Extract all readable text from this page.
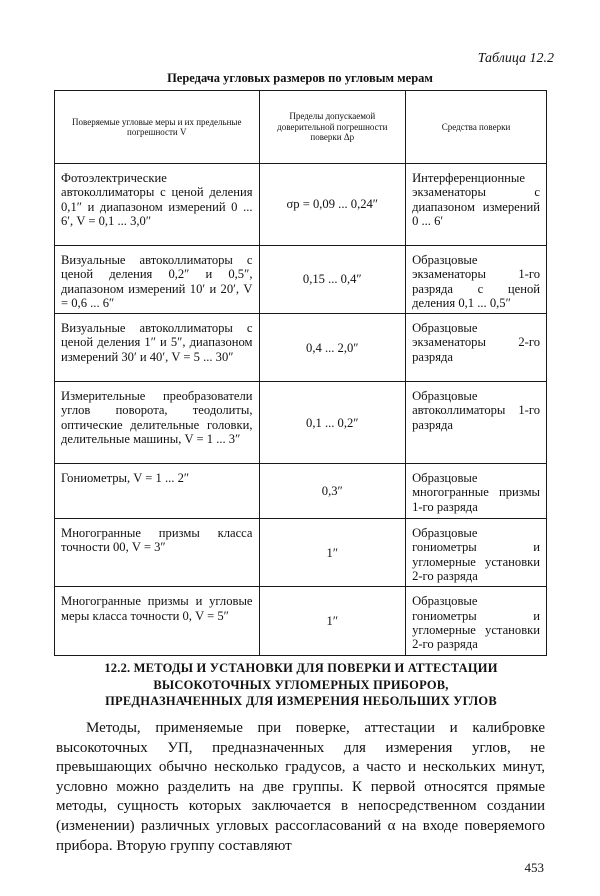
Таблица 12.2
Передача угловых размеров по угловым мерам
Поверяемые угловые меры и их предельные погрешности V	Пределы допускаемой доверительной погрешности поверки Δр	Средства поверки
Фотоэлектрические автоколлиматоры с ценой деления 0,1″ и диапазоном измерений 0 ... 6′, V = 0,1 ... 3,0″	σр = 0,09 ... 0,24″	Интерференционные экзаменаторы с диапазоном измерений 0 ... 6′
Визуальные автоколлиматоры с ценой деления 0,2″ и 0,5″, диапазоном измерений 10′ и 20′, V = 0,6 ... 6″	0,15 ... 0,4″	Образцовые экзаменаторы 1-го разряда с ценой деления 0,1 ... 0,5″
Визуальные автоколлиматоры с ценой деления 1″ и 5″, диапазоном измерений 30′ и 40′, V = 5 ... 30″	0,4 ... 2,0″	Образцовые экзаменаторы 2-го разряда
Измерительные преобразователи углов поворота, теодолиты, оптические делительные головки, делительные машины, V = 1 ... 3″	0,1 ... 0,2″	Образцовые автоколлиматоры 1-го разряда
Гониометры, V = 1 ... 2″	0,3″	Образцовые многогранные призмы 1-го разряда
Многогранные призмы класса точности 00, V = 3″	1″	Образцовые гониометры и угломерные установки 2-го разряда
Многогранные призмы и угловые меры класса точности 0, V = 5″	1″	Образцовые гониометры и угломерные установки 2-го разряда
12.2. МЕТОДЫ И УСТАНОВКИ ДЛЯ ПОВЕРКИ И АТТЕСТАЦИИ
ВЫСОКОТОЧНЫХ УГЛОМЕРНЫХ ПРИБОРОВ,
ПРЕДНАЗНАЧЕННЫХ ДЛЯ ИЗМЕРЕНИЯ НЕБОЛЬШИХ УГЛОВ

Методы, применяемые при поверке, аттестации и калибровке высокоточных УП, предназначенных для измерения углов, не превышающих обычно несколько градусов, а часто и нескольких минут, условно можно разделить на две группы. К первой относятся прямые методы, сущность которых заключается в непосредственном создании (изменении) различных угловых рассогласований α на входе поверяемого прибора. Вторую группу составляют

453
